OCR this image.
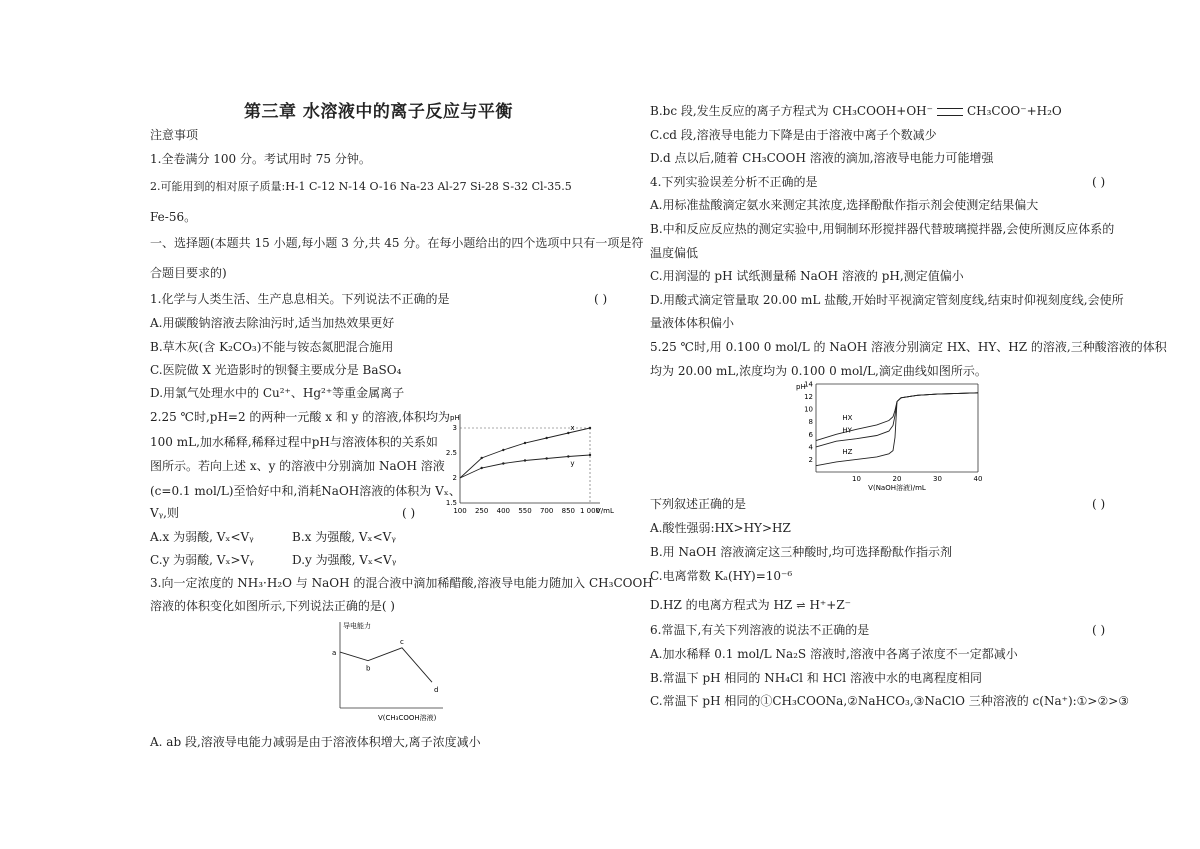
第三章 水溶液中的离子反应与平衡
注意事项
1.全卷满分 100 分。考试用时 75 分钟。
2.可能用到的相对原子质量:H-1 C-12 N-14 O-16 Na-23 Al-27 Si-28 S-32 Cl-35.5
Fe-56。
一、选择题(本题共 15 小题,每小题 3 分,共 45 分。在每小题给出的四个选项中只有一项是符
合题目要求的)
1.化学与人类生活、生产息息相关。下列说法不正确的是	( )
A.用碳酸钠溶液去除油污时,适当加热效果更好
B.草木灰(含 K₂CO₃)不能与铵态氮肥混合施用
C.医院做 X 光造影时的钡餐主要成分是 BaSO₄
D.用氯气处理水中的 Cu²⁺、Hg²⁺等重金属离子
2.25 ℃时,pH=2 的两种一元酸 x 和 y 的溶液,体积均为
100 mL,加水稀释,稀释过程中pH与溶液体积的关系如
图所示。若向上述 x、y 的溶液中分别滴加 NaOH 溶液
(c=0.1 mol/L)至恰好中和,消耗NaOH溶液的体积为 Vₓ、
Vᵧ,则	( )
A.x 为弱酸, Vₓ<Vᵧ	B.x 为强酸, Vₓ<Vᵧ
C.y 为弱酸, Vₓ>Vᵧ	D.y 为强酸, Vₓ<Vᵧ
pH
V/mL
100 250 400 550 700 850 1 000
1.5
2
2.5
3	x
y
3.向一定浓度的 NH₃·H₂O 与 NaOH 的混合液中滴加稀醋酸,溶液导电能力随加入 CH₃COOH
溶液的体积变化如图所示,下列说法正确的是( )
导电能力
V(CH₃COOH溶液)
a
b
c
d
A. ab 段,溶液导电能力减弱是由于溶液体积增大,离子浓度减小
B.bc 段,发生反应的离子方程式为 CH₃COOH+OH⁻	CH₃COO⁻+H₂O
C.cd 段,溶液导电能力下降是由于溶液中离子个数减少
D.d 点以后,随着 CH₃COOH 溶液的滴加,溶液导电能力可能增强
4.下列实验误差分析不正确的是	( )
A.用标准盐酸滴定氨水来测定其浓度,选择酚酞作指示剂会使测定结果偏大
B.中和反应反应热的测定实验中,用铜制环形搅拌器代替玻璃搅拌器,会使所测反应体系的
温度偏低
C.用润湿的 pH 试纸测量稀 NaOH 溶液的 pH,测定值偏小
D.用酸式滴定管量取 20.00 mL 盐酸,开始时平视滴定管刻度线,结束时仰视刻度线,会使所
量液体体积偏小
5.25 ℃时,用 0.100 0 mol/L 的 NaOH 溶液分别滴定 HX、HY、HZ 的溶液,三种酸溶液的体积
均为 20.00 mL,浓度均为 0.100 0 mol/L,滴定曲线如图所示。
pH
V(NaOH溶液)/mL
10	20	30	40
2
4
6
8
10
12
14
HX
HY
HZ
下列叙述正确的是	( )
A.酸性强弱:HX>HY>HZ
B.用 NaOH 溶液滴定这三种酸时,均可选择酚酞作指示剂
C.电离常数 Kₐ(HY)=10⁻⁶
D.HZ 的电离方程式为 HZ ⇌ H⁺+Z⁻
6.常温下,有关下列溶液的说法不正确的是	( )
A.加水稀释 0.1 mol/L Na₂S 溶液时,溶液中各离子浓度不一定都减小
B.常温下 pH 相同的 NH₄Cl 和 HCl 溶液中水的电离程度相同
C.常温下 pH 相同的①CH₃COONa,②NaHCO₃,③NaClO 三种溶液的 c(Na⁺):①>②>③
